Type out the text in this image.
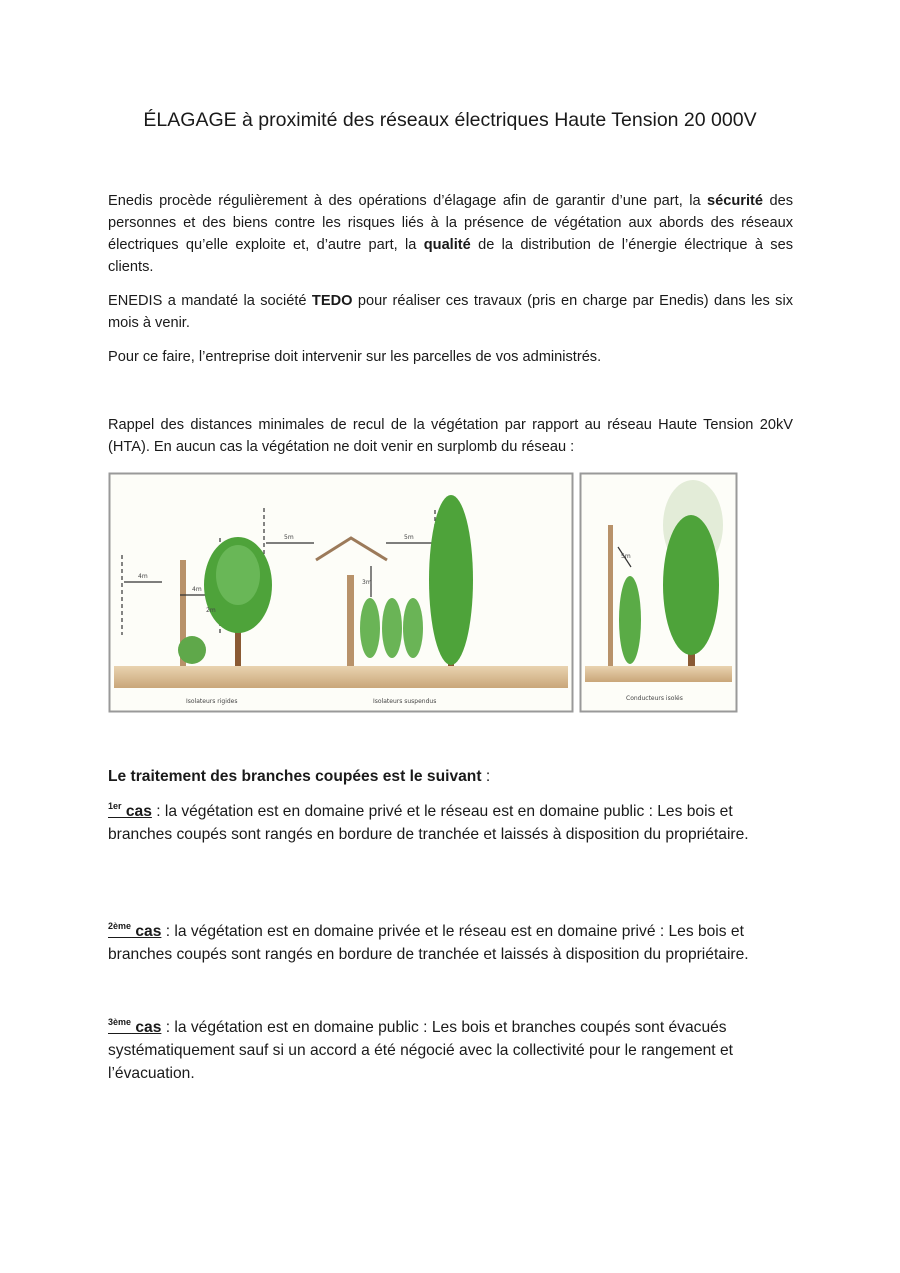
ÉLAGAGE à proximité des réseaux électriques Haute Tension 20 000V
Enedis procède régulièrement à des opérations d’élagage afin de garantir d’une part, la sécurité des personnes et des biens contre les risques liés à la présence de végétation aux abords des réseaux électriques qu’elle exploite et, d’autre part, la qualité de la distribution de l’énergie électrique à ses clients.
ENEDIS a mandaté la société TEDO pour réaliser ces travaux (pris en charge par Enedis) dans les six mois à venir.
Pour ce faire, l’entreprise doit intervenir sur les parcelles de vos administrés.
Rappel des distances minimales de recul de la végétation par rapport au réseau Haute Tension 20kV (HTA). En aucun cas la végétation ne doit venir en surplomb du réseau :
4m
4m
2m
5m	5m
3m
5m
Isolateurs rigides	Isolateurs suspendus	Conducteurs isolés
Le traitement des branches coupées est le suivant :
$^{1er}$ cas : la végétation est en domaine privé et le réseau est en domaine public : Les bois et branches coupés sont rangés en bordure de tranchée et laissés à disposition du propriétaire.
$^{2ème}$ cas : la végétation est en domaine privée et le réseau est en domaine privé : Les bois et branches coupés sont rangés en bordure de tranchée et laissés à disposition du propriétaire.
$^{3ème}$ cas : la végétation est en domaine public : Les bois et branches coupés sont évacués systématiquement sauf si un accord a été négocié avec la collectivité pour le rangement et l’évacuation.
